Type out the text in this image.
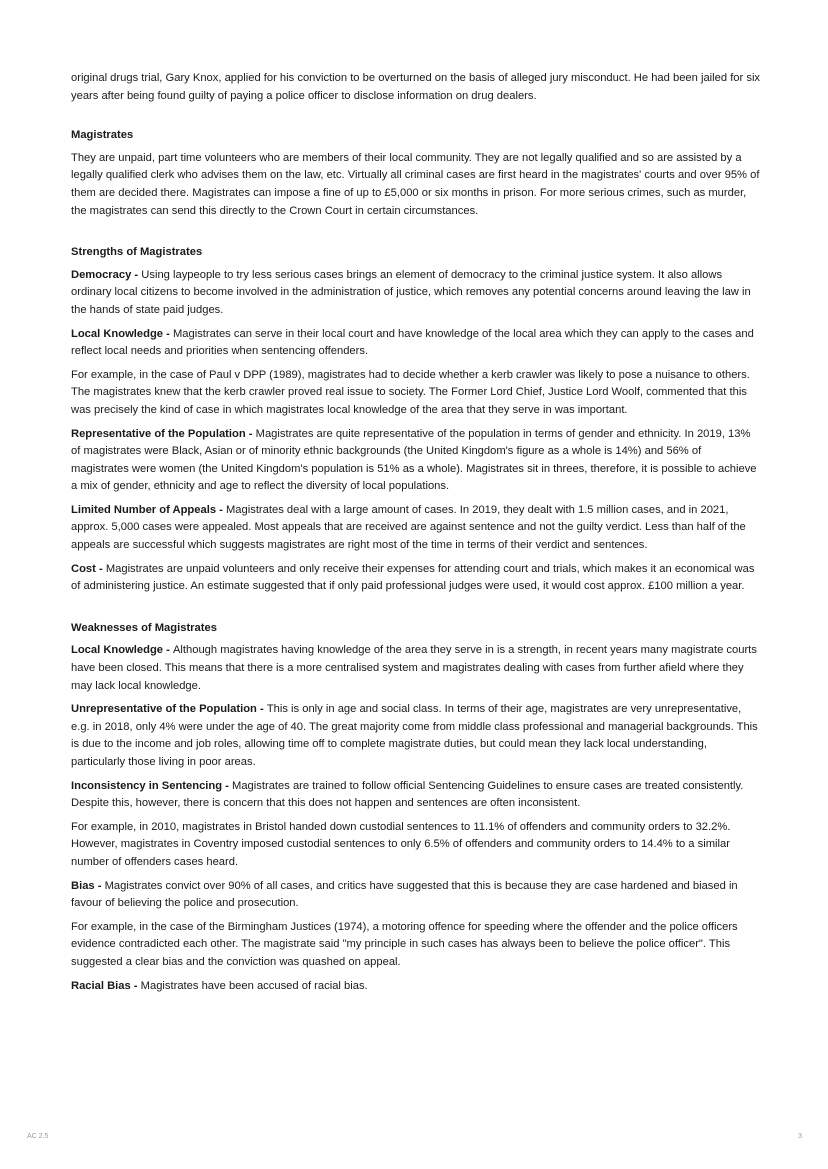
original drugs trial, Gary Knox, applied for his conviction to be overturned on the basis of alleged jury misconduct. He had been jailed for six years after being found guilty of paying a police officer to disclose information on drug dealers.

Magistrates

They are unpaid, part time volunteers who are members of their local community. They are not legally qualified and so are assisted by a legally qualified clerk who advises them on the law, etc. Virtually all criminal cases are first heard in the magistrates' courts and over 95% of them are decided there. Magistrates can impose a fine of up to £5,000 or six months in prison. For more serious crimes, such as murder, the magistrates can send this directly to the Crown Court in certain circumstances.

Strengths of Magistrates

Democracy - Using laypeople to try less serious cases brings an element of democracy to the criminal justice system. It also allows ordinary local citizens to become involved in the administration of justice, which removes any potential concerns around leaving the law in the hands of state paid judges.

Local Knowledge - Magistrates can serve in their local court and have knowledge of the local area which they can apply to the cases and reflect local needs and priorities when sentencing offenders.

For example, in the case of Paul v DPP (1989), magistrates had to decide whether a kerb crawler was likely to pose a nuisance to others. The magistrates knew that the kerb crawler proved real issue to society. The Former Lord Chief, Justice Lord Woolf, commented that this was precisely the kind of case in which magistrates local knowledge of the area that they serve in was important.

Representative of the Population - Magistrates are quite representative of the population in terms of gender and ethnicity. In 2019, 13% of magistrates were Black, Asian or of minority ethnic backgrounds (the United Kingdom's figure as a whole is 14%) and 56% of magistrates were women (the United Kingdom's population is 51% as a whole). Magistrates sit in threes, therefore, it is possible to achieve a mix of gender, ethnicity and age to reflect the diversity of local populations.

Limited Number of Appeals - Magistrates deal with a large amount of cases. In 2019, they dealt with 1.5 million cases, and in 2021, approx. 5,000 cases were appealed. Most appeals that are received are against sentence and not the guilty verdict. Less than half of the appeals are successful which suggests magistrates are right most of the time in terms of their verdict and sentences.

Cost - Magistrates are unpaid volunteers and only receive their expenses for attending court and trials, which makes it an economical was of administering justice. An estimate suggested that if only paid professional judges were used, it would cost approx. £100 million a year.

Weaknesses of Magistrates

Local Knowledge - Although magistrates having knowledge of the area they serve in is a strength, in recent years many magistrate courts have been closed. This means that there is a more centralised system and magistrates dealing with cases from further afield where they may lack local knowledge.

Unrepresentative of the Population - This is only in age and social class. In terms of their age, magistrates are very unrepresentative, e.g. in 2018, only 4% were under the age of 40. The great majority come from middle class professional and managerial backgrounds. This is due to the income and job roles, allowing time off to complete magistrate duties, but could mean they lack local understanding, particularly those living in poor areas.

Inconsistency in Sentencing - Magistrates are trained to follow official Sentencing Guidelines to ensure cases are treated consistently. Despite this, however, there is concern that this does not happen and sentences are often inconsistent.

For example, in 2010, magistrates in Bristol handed down custodial sentences to 11.1% of offenders and community orders to 32.2%. However, magistrates in Coventry imposed custodial sentences to only 6.5% of offenders and community orders to 14.4% to a similar number of offenders cases heard.

Bias - Magistrates convict over 90% of all cases, and critics have suggested that this is because they are case hardened and biased in favour of believing the police and prosecution.

For example, in the case of the Birmingham Justices (1974), a motoring offence for speeding where the offender and the police officers evidence contradicted each other. The magistrate said "my principle in such cases has always been to believe the police officer". This suggested a clear bias and the conviction was quashed on appeal.

Racial Bias - Magistrates have been accused of racial bias.

AC 2.5	3
